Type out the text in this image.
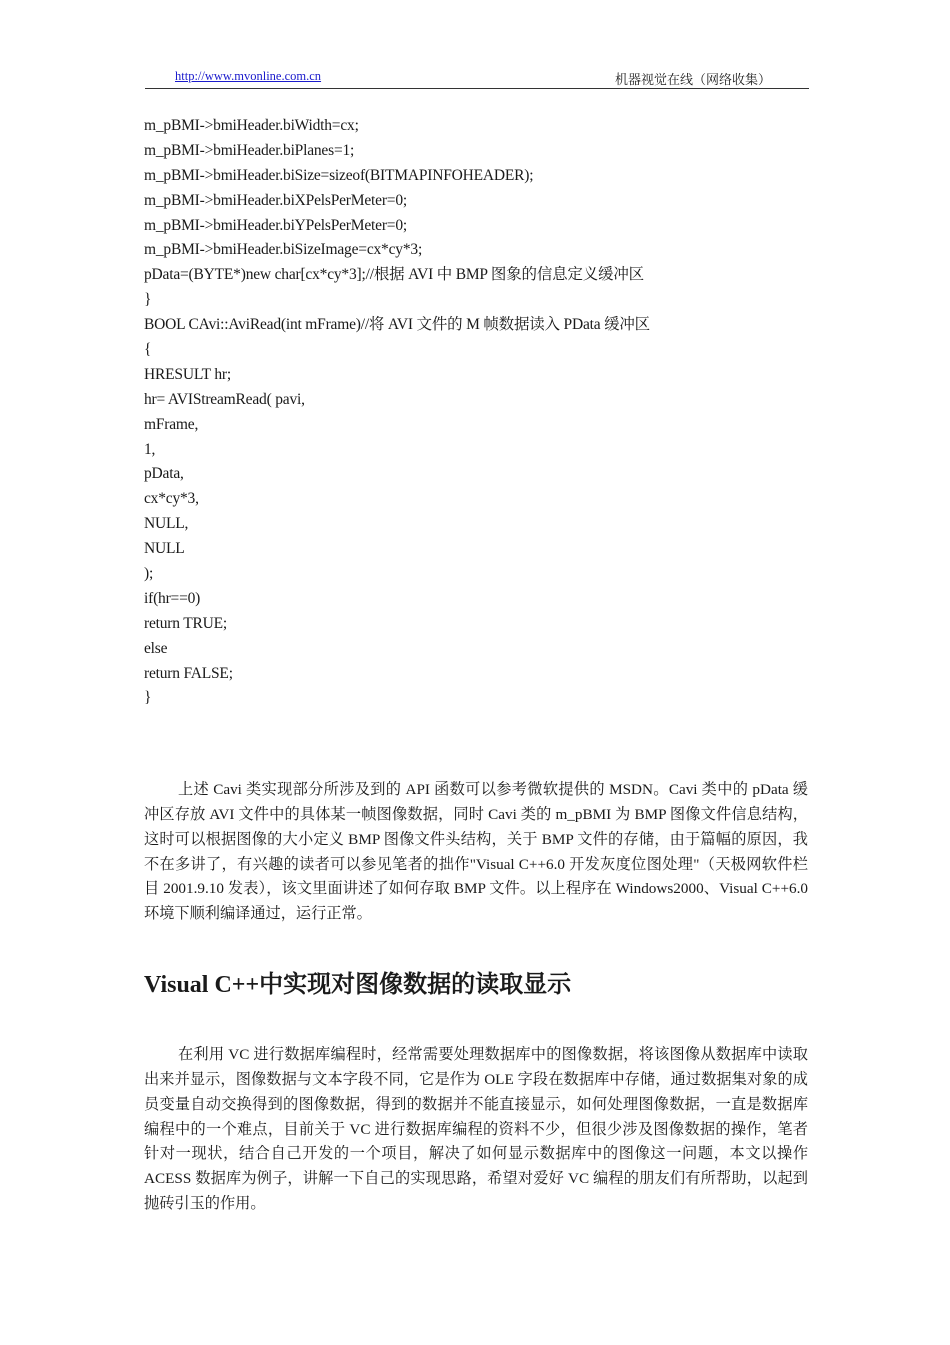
http://www.mvonline.com.cn	机器视觉在线（网络收集）
m_pBMI->bmiHeader.biWidth=cx;
m_pBMI->bmiHeader.biPlanes=1;
m_pBMI->bmiHeader.biSize=sizeof(BITMAPINFOHEADER);
m_pBMI->bmiHeader.biXPelsPerMeter=0;
m_pBMI->bmiHeader.biYPelsPerMeter=0;
m_pBMI->bmiHeader.biSizeImage=cx*cy*3;
pData=(BYTE*)new char[cx*cy*3];//根据 AVI 中 BMP 图象的信息定义缓冲区
}
BOOL CAvi::AviRead(int mFrame)//将 AVI 文件的 M 帧数据读入 PData 缓冲区
{
HRESULT hr;
hr= AVIStreamRead( pavi,
mFrame,
1,
pData,
cx*cy*3,
NULL,
NULL
);
if(hr==0)
return TRUE;
else
return FALSE;
}

上述 Cavi 类实现部分所涉及到的 API 函数可以参考微软提供的 MSDN。Cavi 类中的 pData 缓冲区存放 AVI 文件中的具体某一帧图像数据，同时 Cavi 类的 m_pBMI 为 BMP 图像文件信息结构，这时可以根据图像的大小定义 BMP 图像文件头结构，关于 BMP 文件的存储，由于篇幅的原因，我不在多讲了，有兴趣的读者可以参见笔者的拙作"Visual C++6.0 开发灰度位图处理"（天极网软件栏目 2001.9.10 发表），该文里面讲述了如何存取 BMP 文件。以上程序在 Windows2000、Visual C++6.0 环境下顺利编译通过，运行正常。

Visual C++中实现对图像数据的读取显示

在利用 VC 进行数据库编程时，经常需要处理数据库中的图像数据，将该图像从数据库中读取出来并显示，图像数据与文本字段不同，它是作为 OLE 字段在数据库中存储，通过数据集对象的成员变量自动交换得到的图像数据，得到的数据并不能直接显示，如何处理图像数据，一直是数据库编程中的一个难点，目前关于 VC 进行数据库编程的资料不少，但很少涉及图像数据的操作，笔者针对一现状，结合自己开发的一个项目，解决了如何显示数据库中的图像这一问题，本文以操作 ACESS 数据库为例子，讲解一下自己的实现思路，希望对爱好 VC 编程的朋友们有所帮助，以起到抛砖引玉的作用。
